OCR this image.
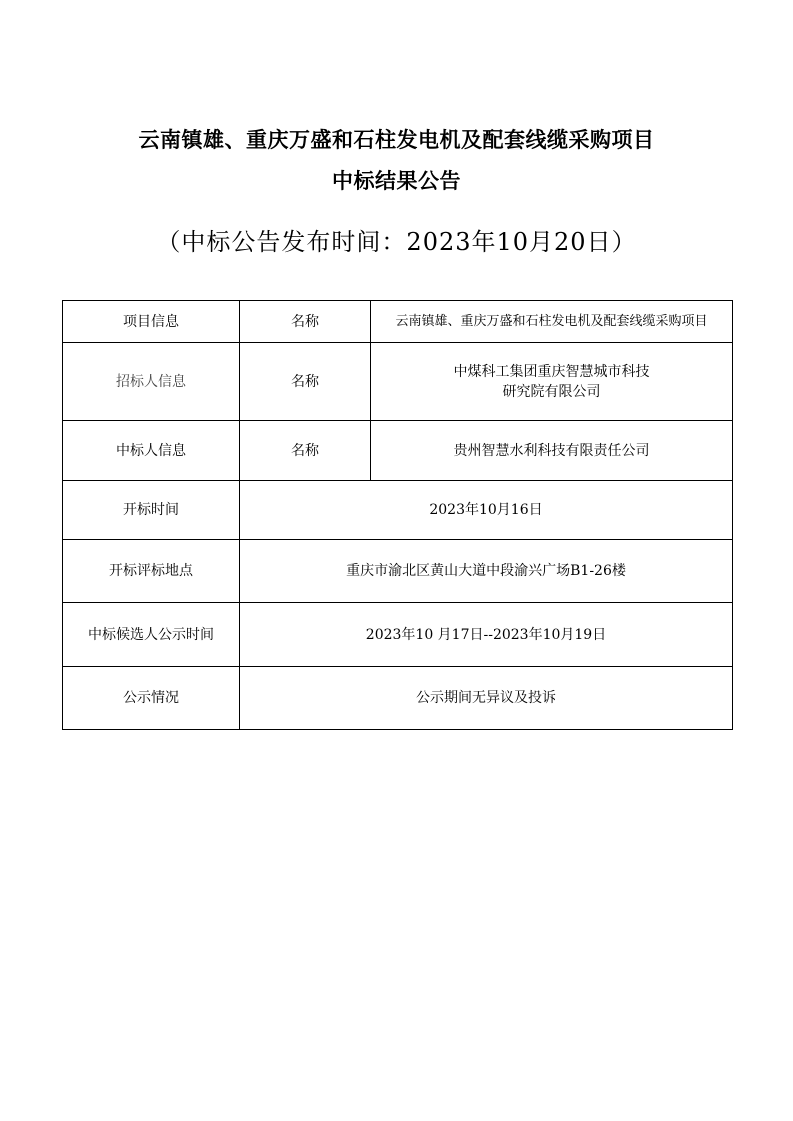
云南镇雄、重庆万盛和石柱发电机及配套线缆采购项目
中标结果公告
（中标公告发布时间：2023年10月20日）
项目信息	名称	云南镇雄、重庆万盛和石柱发电机及配套线缆采购项目
招标人信息	名称	中煤科工集团重庆智慧城市科技
研究院有限公司

中标人信息	名称	贵州智慧水利科技有限责任公司
开标时间	2023年10月16日	
开标评标地点	重庆市渝北区黄山大道中段渝兴广场B1-26楼	
中标候选人公示时间	2023年10 月17日--2023年10月19日	
公示情况	公示期间无异议及投诉	
